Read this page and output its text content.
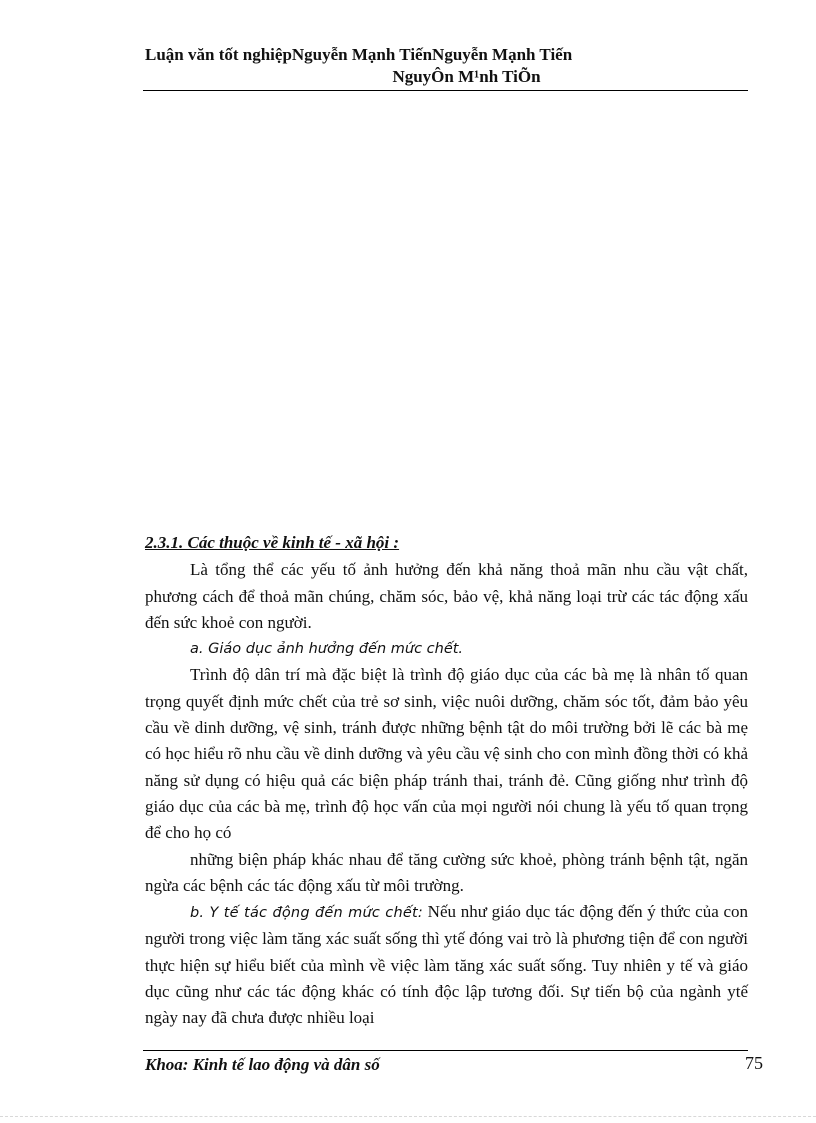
Luận văn tốt nghiệpNguyễn Mạnh TiếnNguyễn Mạnh Tiến
NguyÔn M¹nh TiÕn
2.3.1. Các thuộc về kinh tế - xã hội :
Là tổng thể các yếu tố ảnh hưởng đến khả năng thoả mãn nhu cầu vật chất, phương cách để thoả mãn chúng, chăm sóc, bảo vệ, khả năng loại trừ các tác động xấu đến sức khoẻ con người.
a. Giáo dục ảnh hưởng đến mức chết.
Trình độ dân trí mà đặc biệt là trình độ giáo dục của các bà mẹ là nhân tố quan trọng quyết định mức chết của trẻ sơ sinh, việc nuôi dưỡng, chăm sóc tốt, đảm bảo yêu cầu về dinh dưỡng, vệ sinh, tránh được những bệnh tật do môi trường bởi lẽ các bà mẹ có học hiểu rõ nhu cầu về dinh dưỡng và yêu cầu vệ sinh cho con mình đồng thời có khả năng sử dụng có hiệu quả các biện pháp tránh thai, tránh đẻ. Cũng giống như trình độ giáo dục của các bà mẹ, trình độ học vấn của mọi người nói chung là yếu tố quan trọng để cho họ có
những biện pháp khác nhau để tăng cường sức khoẻ, phòng tránh bệnh tật, ngăn ngừa các bệnh các tác động xấu từ môi trường.
b. Y tế tác động đến mức chết: Nếu như giáo dục tác động đến ý thức của con người trong việc làm tăng xác suất sống thì ytế đóng vai trò là phương tiện để con người thực hiện sự hiểu biết của mình về việc làm tăng xác suất sống. Tuy nhiên y tế và giáo dục cũng như các tác động khác có tính độc lập tương đối. Sự tiến bộ của ngành ytế ngày nay đã chưa được nhiều loại
Khoa: Kinh tế lao động và dân số	75
